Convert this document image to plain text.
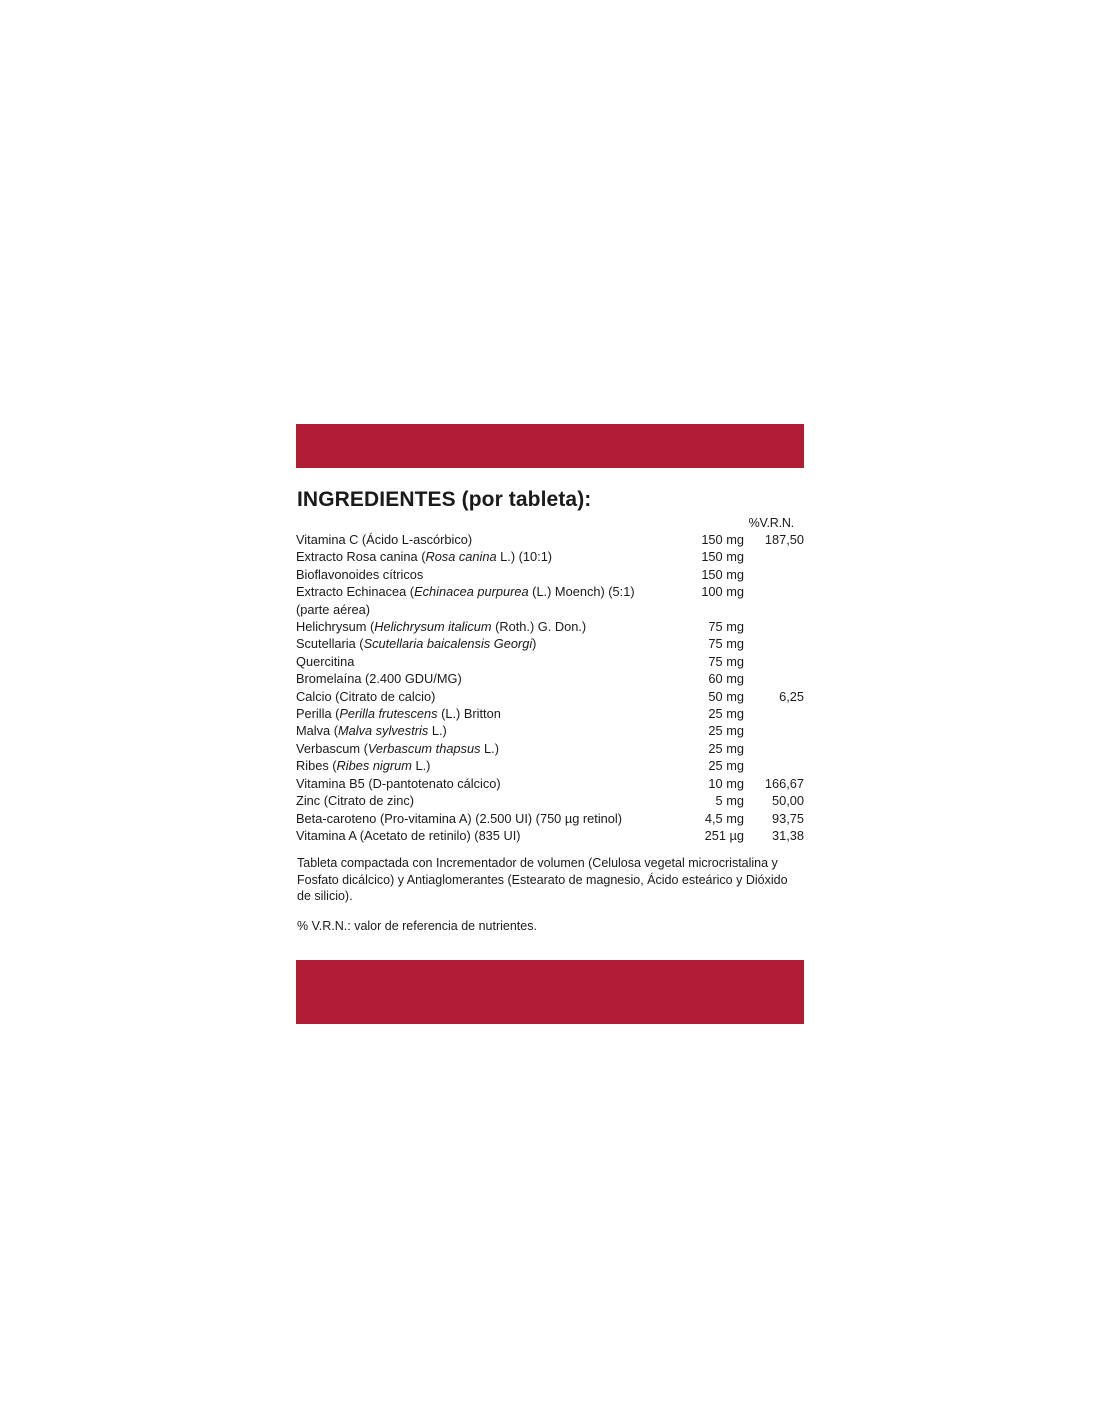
INGREDIENTES (por tableta):
%V.R.N.
Vitamina C (Ácido L-ascórbico)	150 mg	187,50
Extracto Rosa canina (Rosa canina L.) (10:1)	150 mg	
Bioflavonoides cítricos	150 mg	
Extracto Echinacea (Echinacea purpurea (L.) Moench) (5:1)	100 mg	
(parte aérea)		
Helichrysum (Helichrysum italicum (Roth.) G. Don.)	75 mg	
Scutellaria (Scutellaria baicalensis Georgi)	75 mg	
Quercitina	75 mg	
Bromelaína (2.400 GDU/MG)	60 mg	
Calcio (Citrato de calcio)	50 mg	6,25
Perilla (Perilla frutescens (L.) Britton	25 mg	
Malva (Malva sylvestris L.)	25 mg	
Verbascum (Verbascum thapsus L.)	25 mg	
Ribes (Ribes nigrum L.)	25 mg	
Vitamina B5 (D-pantotenato cálcico)	10 mg	166,67
Zinc (Citrato de zinc)	5 mg	50,00
Beta-caroteno (Pro-vitamina A) (2.500 UI) (750 µg retinol)	4,5 mg	93,75
Vitamina A (Acetato de retinilo) (835 UI)	251 µg	31,38
Tableta compactada con Incrementador de volumen (Celulosa vegetal microcristalina y Fosfato dicálcico) y Antiaglomerantes (Estearato de magnesio, Ácido esteárico y Dióxido de silicio).
% V.R.N.: valor de referencia de nutrientes.
